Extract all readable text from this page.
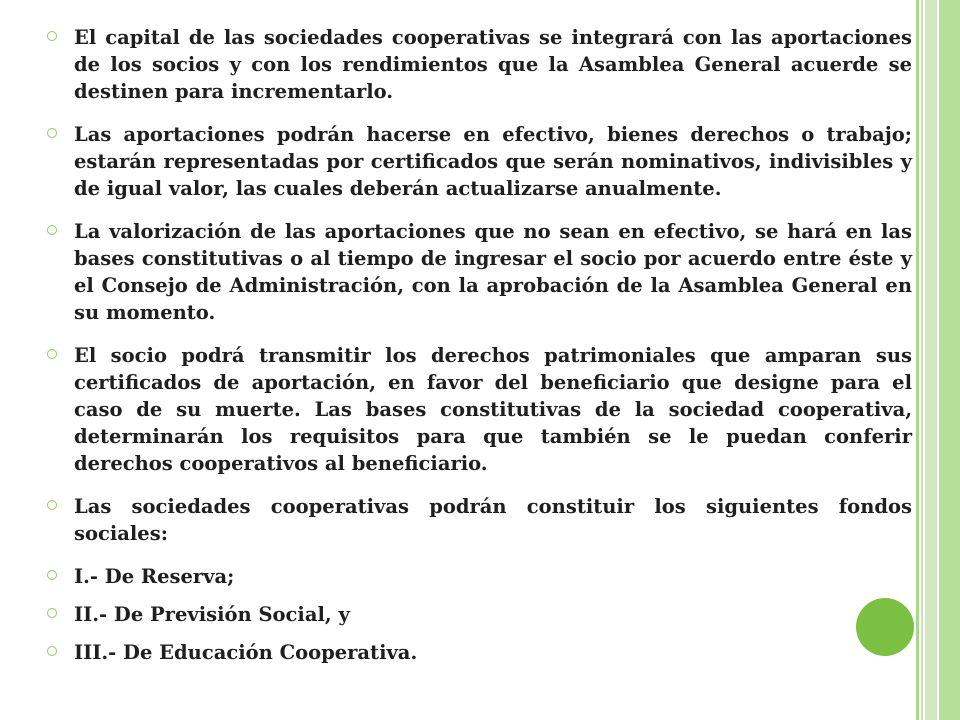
El capital de las sociedades cooperativas se integrará con las aportaciones de los socios y con los rendimientos que la Asamblea General acuerde se destinen para incrementarlo.
Las aportaciones podrán hacerse en efectivo, bienes derechos o trabajo; estarán representadas por certificados que serán nominativos, indivisibles y de igual valor, las cuales deberán actualizarse anualmente.
La valorización de las aportaciones que no sean en efectivo, se hará en las bases constitutivas o al tiempo de ingresar el socio por acuerdo entre éste y el Consejo de Administración, con la aprobación de la Asamblea General en su momento.
El socio podrá transmitir los derechos patrimoniales que amparan sus certificados de aportación, en favor del beneficiario que designe para el caso de su muerte. Las bases constitutivas de la sociedad cooperativa, determinarán los requisitos para que también se le puedan conferir derechos cooperativos al beneficiario.
Las sociedades cooperativas podrán constituir los siguientes fondos sociales:
I.- De Reserva;
II.- De Previsión Social, y
III.- De Educación Cooperativa.
